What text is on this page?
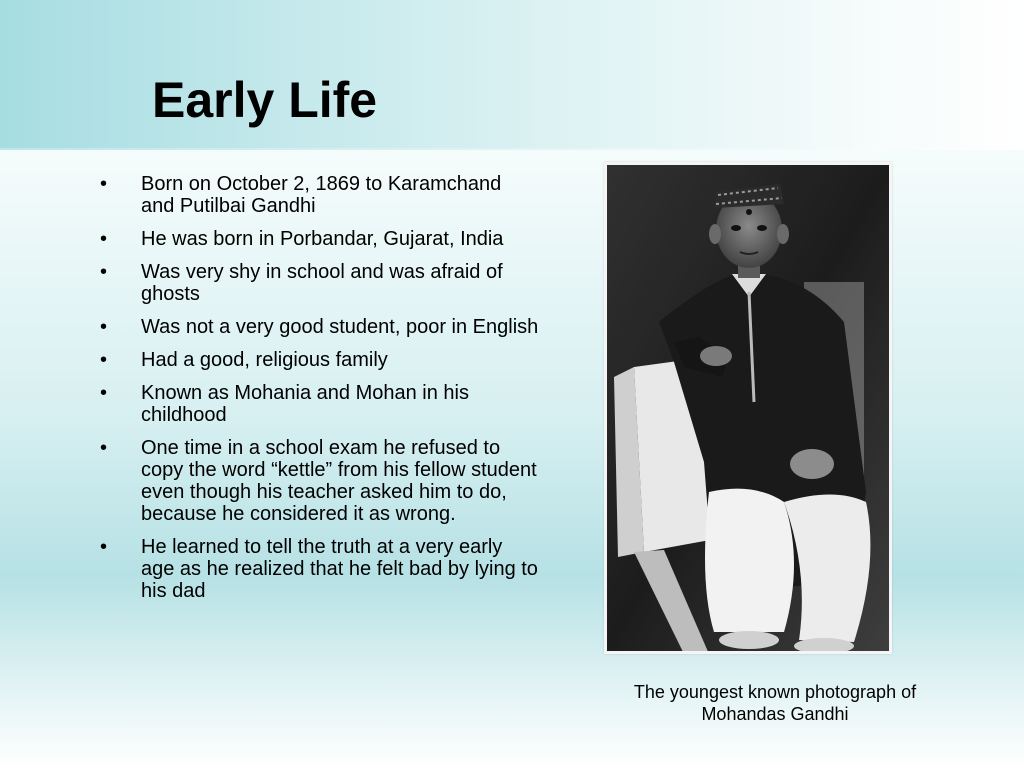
Early Life
• Born on October 2, 1869 to Karamchand and Putilbai Gandhi
• He was born in Porbandar, Gujarat, India
• Was very shy in school and was afraid of ghosts
• Was not a very good student, poor in English
• Had a good, religious family
• Known as Mohania and Mohan in his childhood
• One time in a school exam he refused to copy the word “kettle” from his fellow student even though his teacher asked him to do, because he considered it as wrong.
• He learned to tell the truth at a very early age as he realized that he felt bad by lying to his dad
The youngest known photograph of Mohandas Gandhi
